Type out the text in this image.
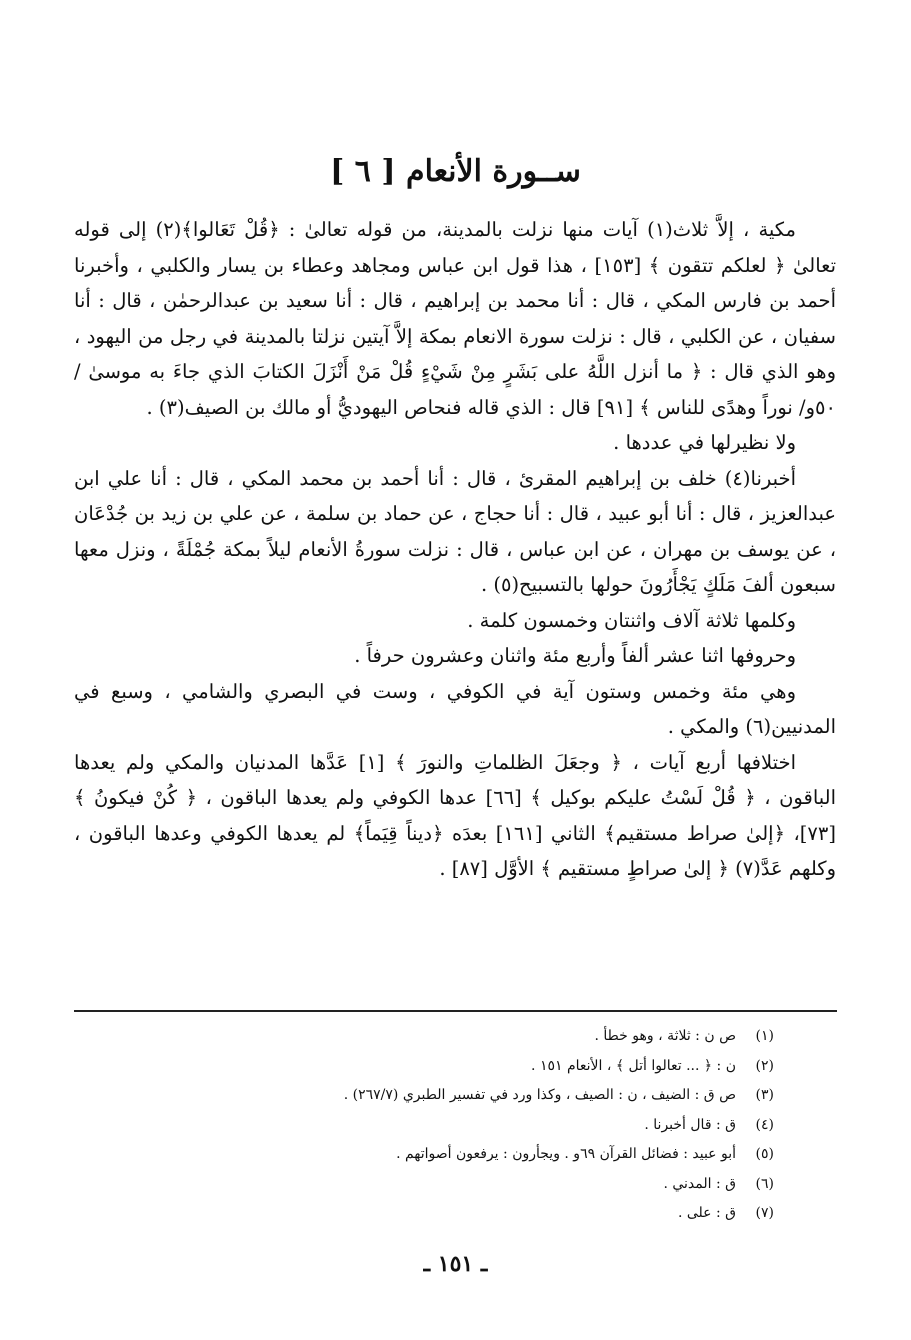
ســورة الأنعام [ ٦ ]

مكية ، إلاَّ ثلاث(١) آيات منها نزلت بالمدينة، من قوله تعالىٰ : ﴿قُلْ تَعَالوا﴾(٢) إلى قوله تعالىٰ ﴿ لعلكم تتقون ﴾ [١٥٣] ، هذا قول ابن عباس ومجاهد وعطاء بن يسار والكلبي ، وأخبرنا أحمد بن فارس المكي ، قال : أنا محمد بن إبراهيم ، قال : أنا سعيد بن عبدالرحمٰن ، قال : أنا سفيان ، عن الكلبي ، قال : نزلت سورة الانعام بمكة إلاَّ آيتين نزلتا بالمدينة في رجل من اليهود ، وهو الذي قال : ﴿ ما أنزل اللَّهُ على بَشَرٍ مِنْ شَيْءٍ قُلْ مَنْ أَنْزَلَ الكتابَ الذي جاءَ به موسىٰ /٥٠و/ نوراً وهدًى للناس ﴾ [٩١] قال : الذي قاله فنحاص اليهوديُّ أو مالك بن الصيف(٣) .

ولا نظيرلها في عددها .

أخبرنا(٤) خلف بن إبراهيم المقرئ ، قال : أنا أحمد بن محمد المكي ، قال : أنا علي ابن عبدالعزيز ، قال : أنا أبو عبيد ، قال : أنا حجاج ، عن حماد بن سلمة ، عن علي بن زيد بن جُدْعَان ، عن يوسف بن مهران ، عن ابن عباس ، قال : نزلت سورةُ الأنعام ليلاً بمكة جُمْلَةً ، ونزل معها سبعون ألفَ مَلَكٍ يَجْأَرُونَ حولها بالتسبيح(٥) .

وكلمها ثلاثة آلاف واثنتان وخمسون كلمة .

وحروفها اثنا عشر ألفاً وأربع مئة واثنان وعشرون حرفاً .

وهي مئة وخمس وستون آية في الكوفي ، وست في البصري والشامي ، وسبع في المدنيين(٦) والمكي .

اختلافها أربع آيات ، ﴿ وجعَلَ الظلماتِ والنورَ ﴾ [١] عَدَّها المدنيان والمكي ولم يعدها الباقون ، ﴿ قُلْ لَسْتُ عليكم بوكيل ﴾ [٦٦] عدها الكوفي ولم يعدها الباقون ، ﴿ كُنْ فيكونُ ﴾ [٧٣]، ﴿إلىٰ صراط مستقيم﴾ الثاني [١٦١] بعدَه ﴿ديناً قِيَماً﴾ لم يعدها الكوفي وعدها الباقون ، وكلهم عَدَّ(٧) ﴿ إلىٰ صراطٍ مستقيم ﴾ الأوَّل [٨٧] .

(١)ص ن : ثلاثة ، وهو خطأ .
(٢)ن : ﴿ ... تعالوا أتل ﴾ ، الأنعام ١٥١ .
(٣)ص ق : الضيف ، ن : الصيف ، وكذا ورد في تفسير الطبري (٢٦٧/٧) .
(٤)ق : قال أخبرنا .
(٥)أبو عبيد : فضائل القرآن ٦٩و . ويجأرون : يرفعون أصواتهم .
(٦)ق : المدني .
(٧)ق : على .
ـ ١٥١ ـ
